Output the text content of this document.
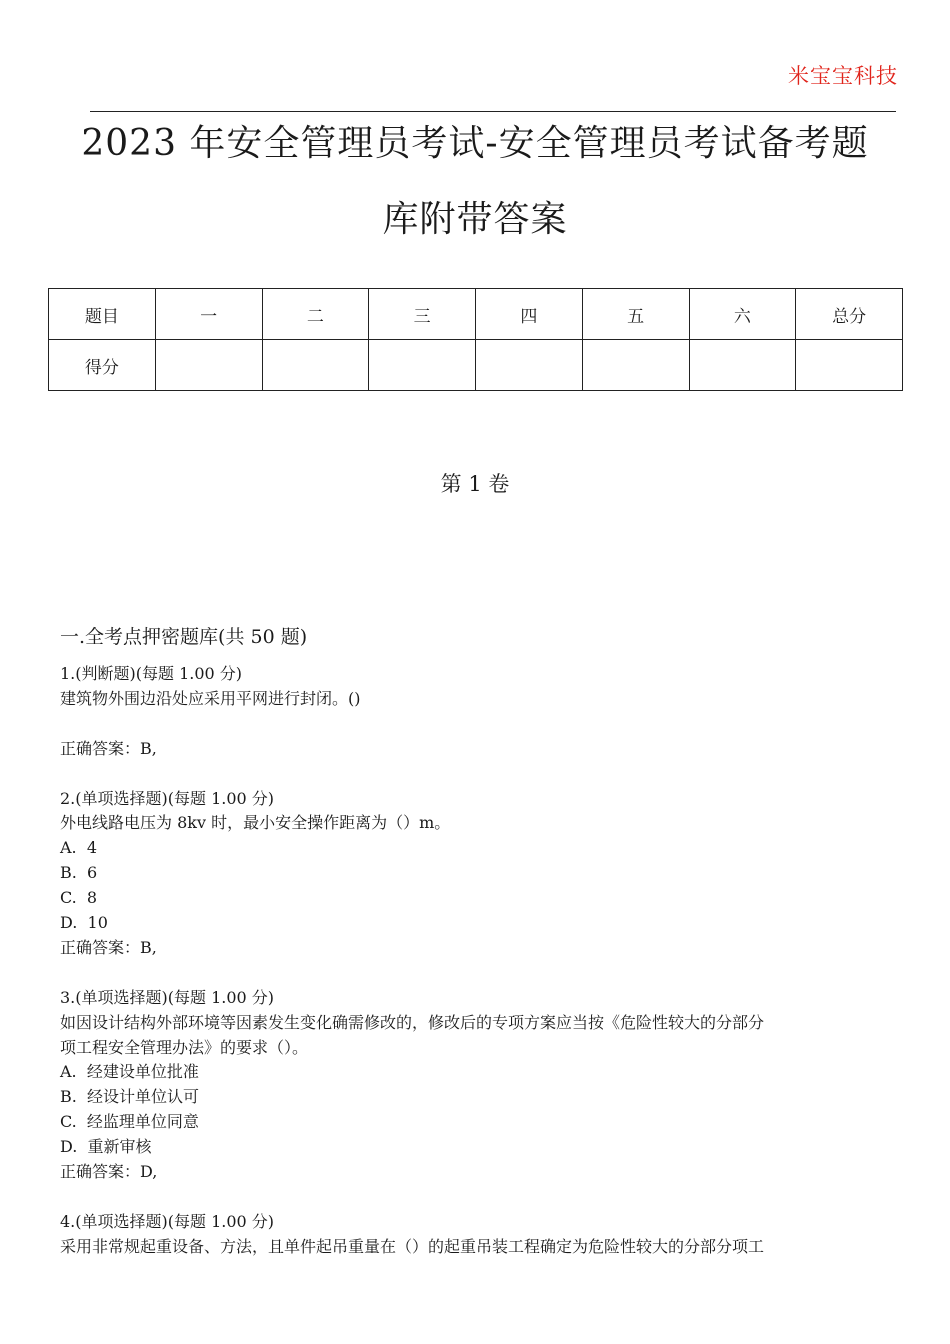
米宝宝科技
2023 年安全管理员考试-安全管理员考试备考题
库附带答案
题目	一	二	三	四	五	六	总分
得分							
第 1 卷
一.全考点押密题库(共 50 题)
1.(判断题)(每题 1.00 分)
建筑物外围边沿处应采用平网进行封闭。()

正确答案：B,
2.(单项选择题)(每题 1.00 分)
外电线路电压为 8kv 时，最小安全操作距离为（）m。
A.  4
B.  6
C.  8
D.  10
正确答案：B,
3.(单项选择题)(每题 1.00 分)
如因设计结构外部环境等因素发生变化确需修改的，修改后的专项方案应当按《危险性较大的分部分
项工程安全管理办法》的要求（）。
A.  经建设单位批准
B.  经设计单位认可
C.  经监理单位同意
D.  重新审核
正确答案：D,
4.(单项选择题)(每题 1.00 分)
采用非常规起重设备、方法，且单件起吊重量在（）的起重吊装工程确定为危险性较大的分部分项工
